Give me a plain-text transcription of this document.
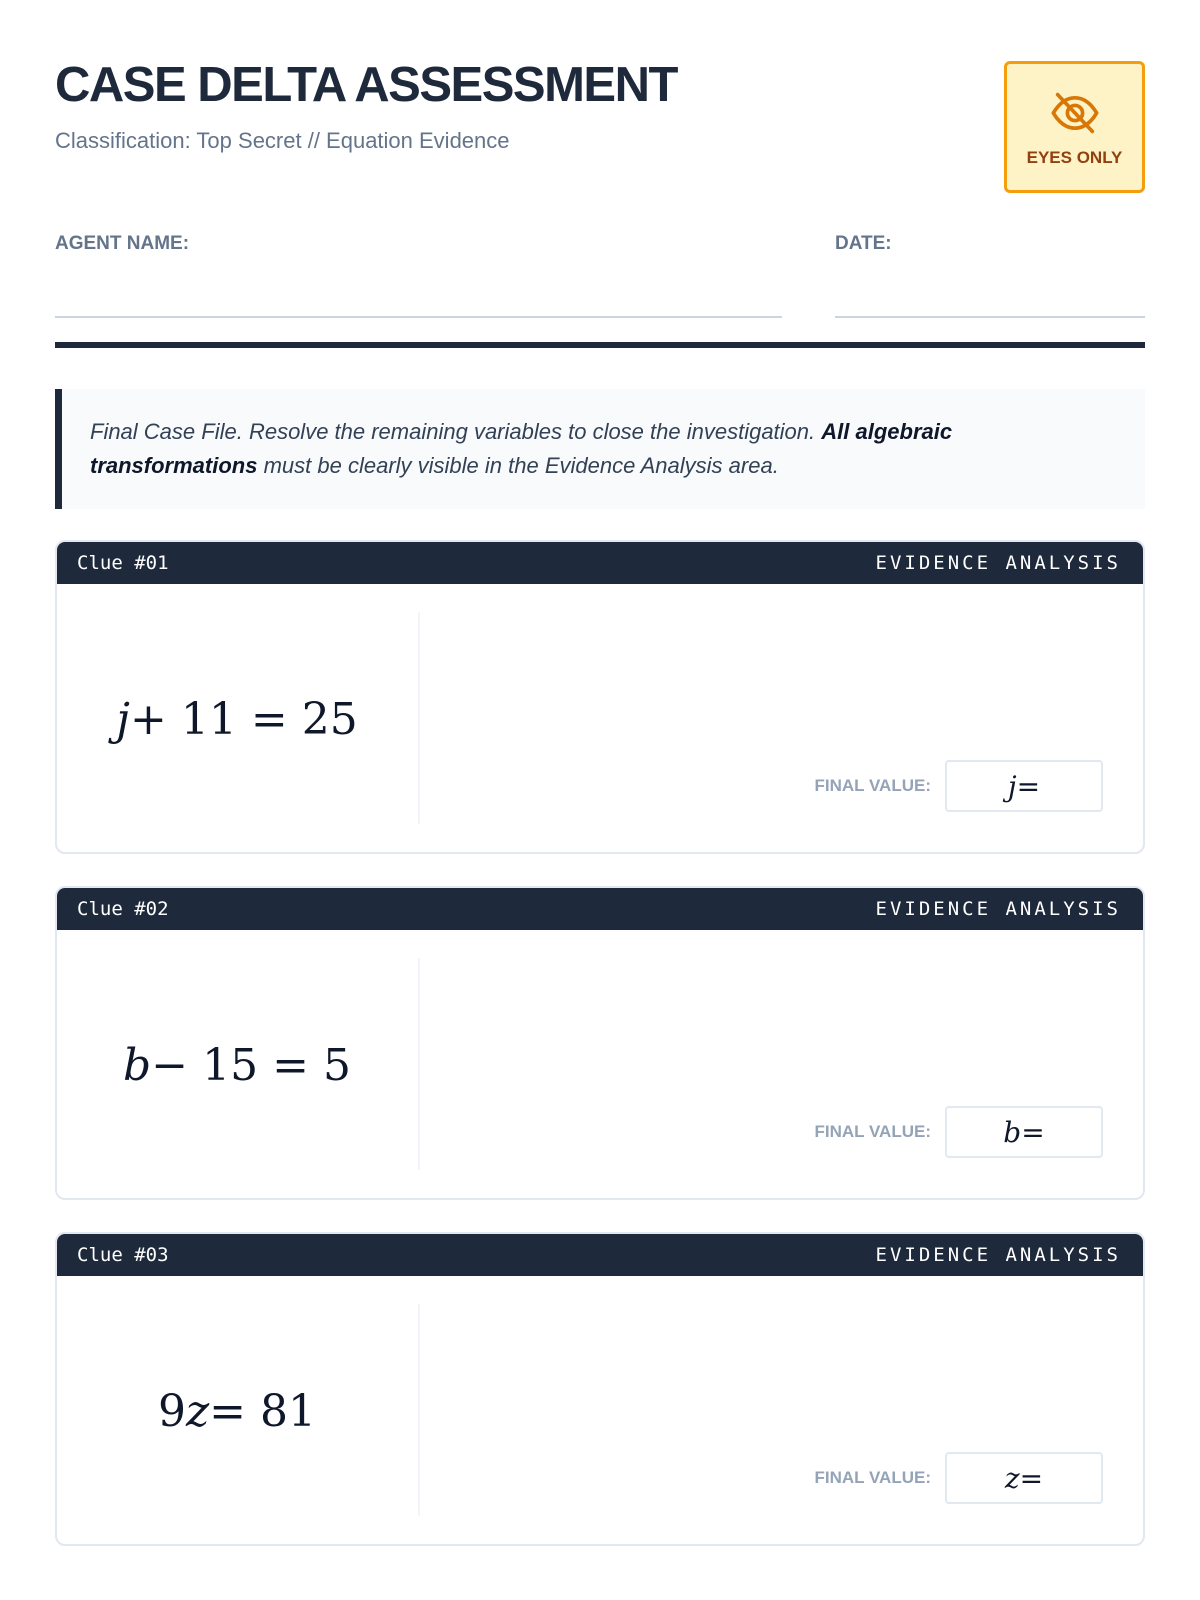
CASE DELTA ASSESSMENT
Classification: Top Secret // Equation Evidence
EYES ONLY
AGENT NAME:	DATE:
Final Case File. Resolve the remaining variables to close the investigation. All algebraic transformations must be clearly visible in the Evidence Analysis area.
Clue #01	EVIDENCE ANALYSIS
j + 11 = 25
FINAL VALUE:	j =
Clue #02	EVIDENCE ANALYSIS
b − 15 = 5
FINAL VALUE:	b =
Clue #03	EVIDENCE ANALYSIS
9 z = 81
FINAL VALUE:	z =
